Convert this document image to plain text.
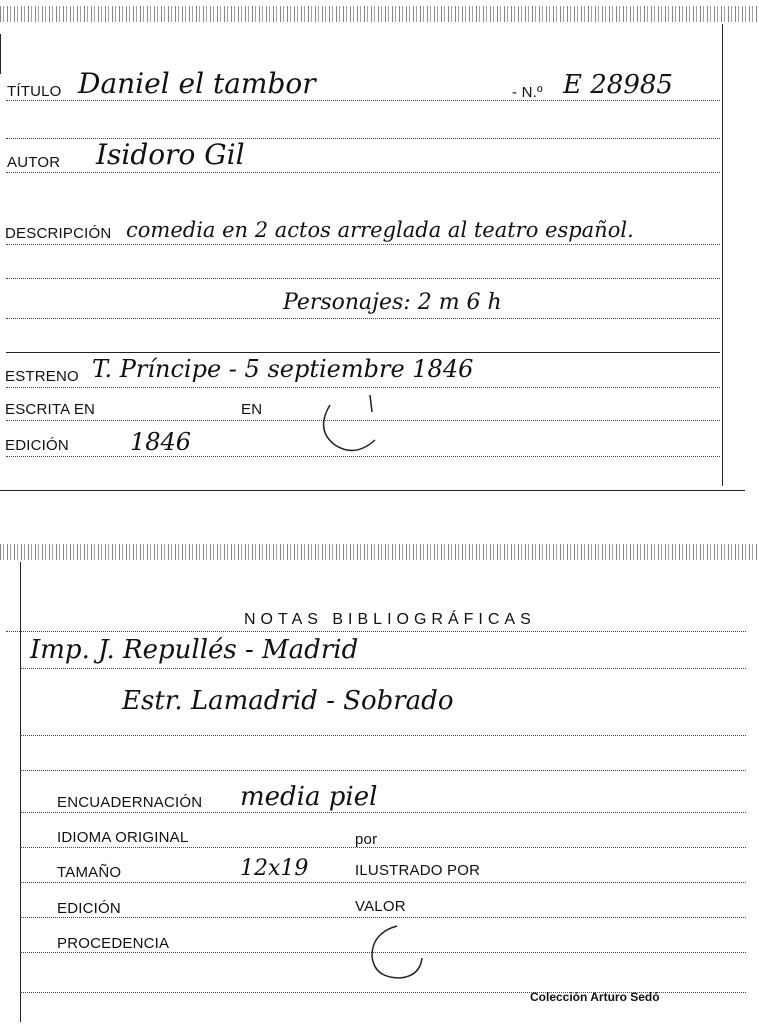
TÍTULO Daniel el tambor	- N.º E 28985
AUTOR Isidoro Gil
DESCRIPCIÓN comedia en 2 actos arreglada al teatro español.
Personajes: 2 m 6 h
ESTRENO T. Príncipe - 5 septiembre 1846
ESCRITA EN	EN
EDICIÓN	1846
NOTAS BIBLIOGRÁFICAS
Imp. J. Repullés - Madrid
Estr. Lamadrid - Sobrado
ENCUADERNACIÓN media piel
IDIOMA ORIGINAL	por
TAMAÑO	12x19	ILUSTRADO POR
EDICIÓN	VALOR
PROCEDENCIA
Colección Arturo Sedó
